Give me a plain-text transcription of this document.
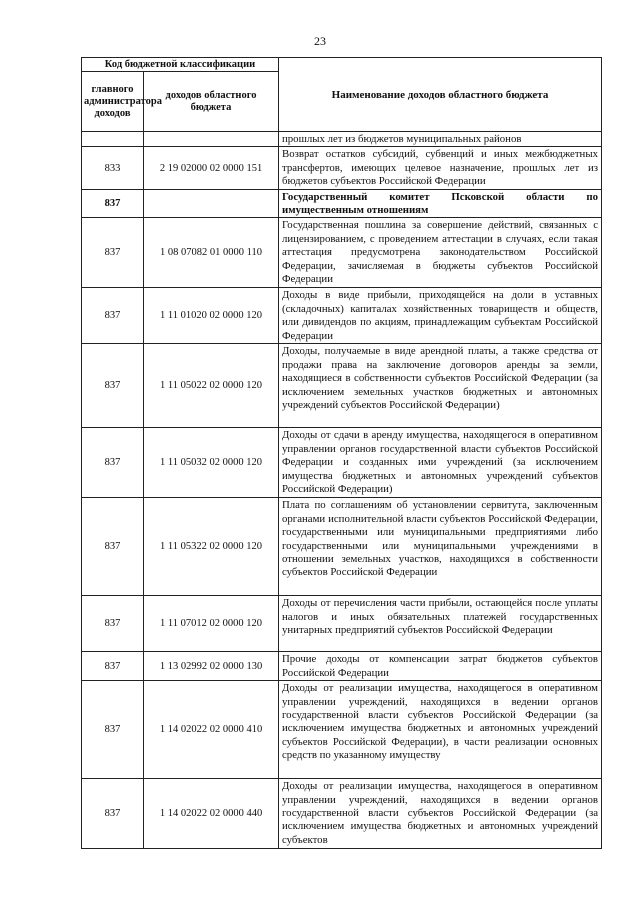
23
Код бюджетной классификации		Наименование доходов областного бюджета
главного администратора доходов	доходов областного бюджета	
		прошлых лет из бюджетов муниципальных районов
833	2 19 02000 02 0000 151	Возврат остатков субсидий, субвенций и иных межбюджетных трансфертов, имеющих целевое назначение, прошлых лет из бюджетов субъектов Российской Федерации
837		Государственный комитет Псковской области по имущественным отношениям
837	1 08 07082 01 0000 110	Государственная пошлина за совершение действий, связанных с лицензированием, с проведением аттестации в случаях, если такая аттестация предусмотрена законодательством Российской Федерации, зачисляемая в бюджеты субъектов Российской Федерации
837	1 11 01020 02 0000 120	Доходы в виде прибыли, приходящейся на доли в уставных (складочных) капиталах хозяйственных товариществ и обществ, или дивидендов по акциям, принадлежащим субъектам Российской Федерации
837	1 11 05022 02 0000 120	Доходы, получаемые в виде арендной платы, а также средства от продажи права на заключение договоров аренды за земли, находящиеся в собственности субъектов Российской Федерации (за исключением земельных участков бюджетных и автономных учреждений субъектов Российской Федерации)
837	1 11 05032 02 0000 120	Доходы от сдачи в аренду имущества, находящегося в оперативном управлении органов государственной власти субъектов Российской Федерации и созданных ими учреждений (за исключением имущества бюджетных и автономных учреждений субъектов Российской Федерации)
837	1 11 05322 02 0000 120	Плата по соглашениям об установлении сервитута, заключенным органами исполнительной власти субъектов Российской Федерации, государственными или муниципальными предприятиями либо государственными или муниципальными учреждениями в отношении земельных участков, находящихся в собственности субъектов Российской Федерации
837	1 11 07012 02 0000 120	Доходы от перечисления части прибыли, остающейся после уплаты налогов и иных обязательных платежей государственных унитарных предприятий субъектов Российской Федерации
837	1 13 02992 02 0000 130	Прочие доходы от компенсации затрат бюджетов субъектов Российской Федерации
837	1 14 02022 02 0000 410	Доходы от реализации имущества, находящегося в оперативном управлении учреждений, находящихся в ведении органов государственной власти субъектов Российской Федерации (за исключением имущества бюджетных и автономных учреждений субъектов Российской Федерации), в части реализации основных средств по указанному имуществу
837	1 14 02022 02 0000 440	Доходы от реализации имущества, находящегося в оперативном управлении учреждений, находящихся в ведении органов государственной власти субъектов Российской Федерации (за исключением имущества бюджетных и автономных учреждений субъектов
